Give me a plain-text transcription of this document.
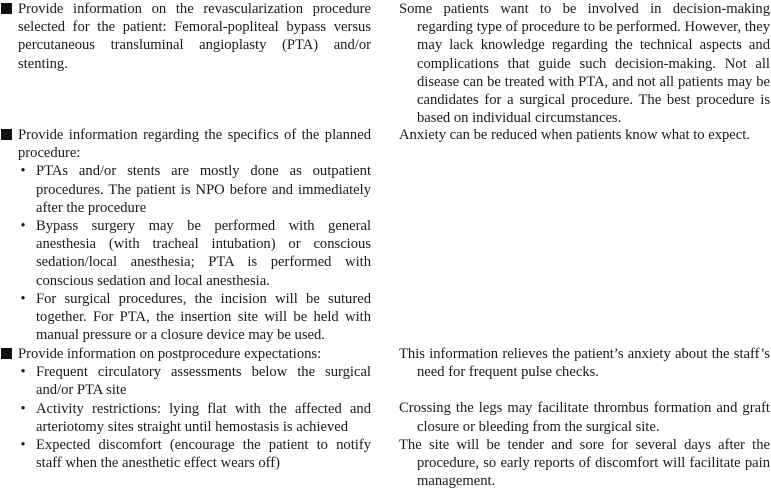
Provide information on the revascularization procedure selected for the patient: Femoral-popliteal bypass versus percutaneous transluminal angioplasty (PTA) and/or stenting.
Some patients want to be involved in decision-making regarding type of procedure to be performed. However, they may lack knowledge regarding the technical aspects and complications that guide such decision-making. Not all disease can be treated with PTA, and not all patients may be candidates for a surgical procedure. The best procedure is based on individual circumstances.
Provide information regarding the specifics of the planned procedure:
• PTAs and/or stents are mostly done as outpatient procedures. The patient is NPO before and immediately after the procedure
• Bypass surgery may be performed with general anesthesia (with tracheal intubation) or conscious sedation/local anesthesia; PTA is performed with conscious sedation and local anesthesia.
• For surgical procedures, the incision will be sutured together. For PTA, the insertion site will be held with manual pressure or a closure device may be used.
Anxiety can be reduced when patients know what to expect.
Provide information on postprocedure expectations:
• Frequent circulatory assessments below the surgical and/or PTA site
• Activity restrictions: lying flat with the affected and arteriotomy sites straight until hemostasis is achieved
• Expected discomfort (encourage the patient to notify staff when the anesthetic effect wears off)
This information relieves the patient’s anxiety about the staff’s need for frequent pulse checks.
Crossing the legs may facilitate thrombus formation and graft closure or bleeding from the surgical site.
The site will be tender and sore for several days after the procedure, so early reports of discomfort will facilitate pain management.
